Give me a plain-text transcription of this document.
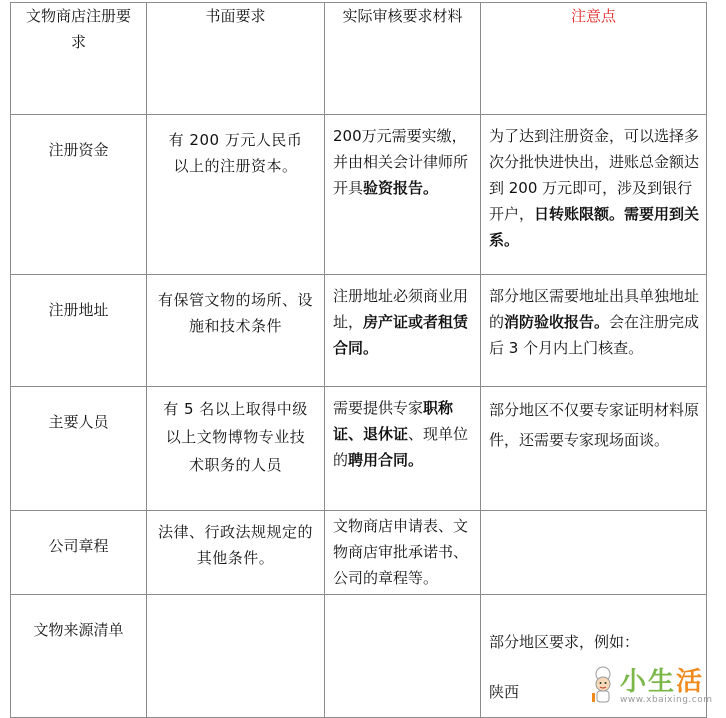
文物商店注册要求	书面要求	实际审核要求材料	注意点
注册资金	有 200 万元人民币以上的注册资本。	200万元需要实缴，并由相关会计律师所开具验资报告。	为了达到注册资金，可以选择多次分批快进快出，进账总金额达到 200 万元即可，涉及到银行开户，日转账限额。需要用到关系。
注册地址	有保管文物的场所、设施和技术条件	注册地址必须商业用址，房产证或者租赁合同。	部分地区需要地址出具单独地址的消防验收报告。会在注册完成后 3 个月内上门核查。
主要人员	有 5 名以上取得中级以上文物博物专业技术职务的人员	需要提供专家职称证、退休证、现单位的聘用合同。	部分地区不仅要专家证明材料原件，还需要专家现场面谈。
公司章程	法律、行政法规规定的其他条件。	文物商店申请表、文物商店审批承诺书、公司的章程等。	
文物来源清单			部分地区要求，例如：陕西	小生活
www.xbaixing.com
